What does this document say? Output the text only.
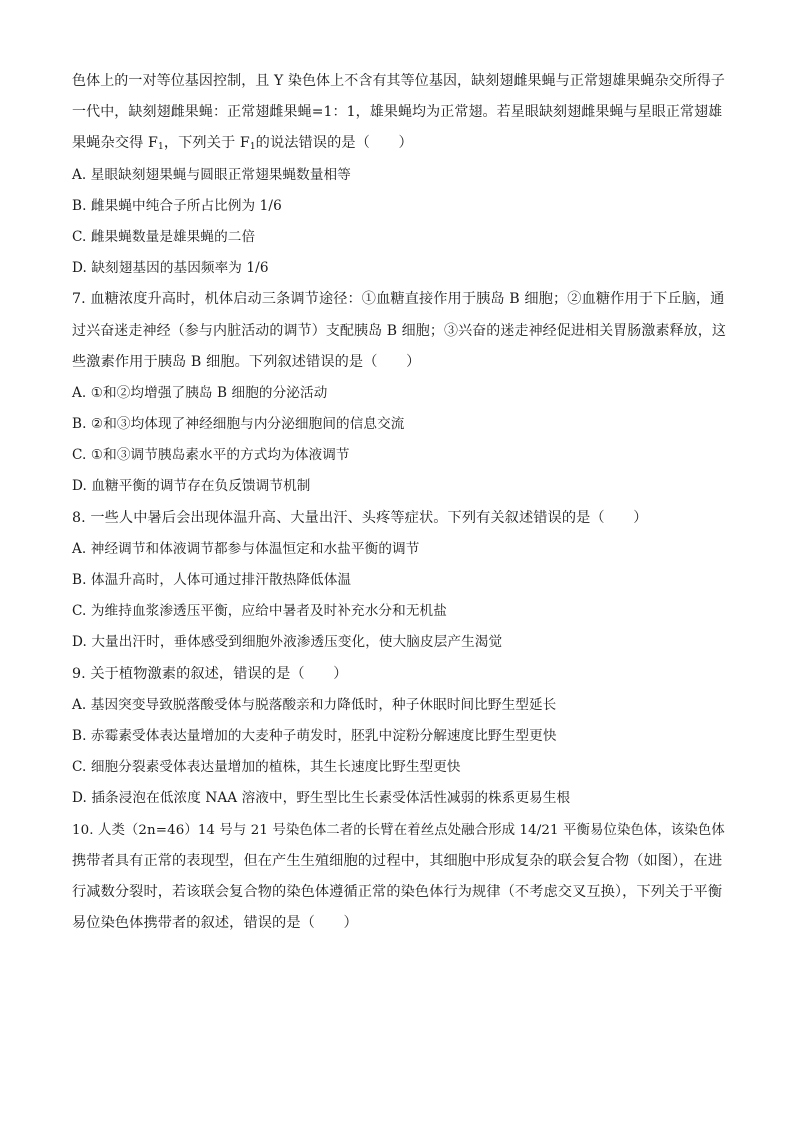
色体上的一对等位基因控制，且 Y 染色体上不含有其等位基因，缺刻翅雌果蝇与正常翅雄果蝇杂交所得子
一代中，缺刻翅雌果蝇：正常翅雌果蝇=1：1，雄果蝇均为正常翅。若星眼缺刻翅雌果蝇与星眼正常翅雄
果蝇杂交得 $F_1$，下列关于 $F_1$的说法错误的是（　　）
A. 星眼缺刻翅果蝇与圆眼正常翅果蝇数量相等
B. 雌果蝇中纯合子所占比例为 1/6
C. 雌果蝇数量是雄果蝇的二倍
D. 缺刻翅基因的基因频率为 1/6
7. 血糖浓度升高时，机体启动三条调节途径：①血糖直接作用于胰岛 B 细胞；②血糖作用于下丘脑，通
过兴奋迷走神经（参与内脏活动的调节）支配胰岛 B 细胞；③兴奋的迷走神经促进相关胃肠激素释放，这
些激素作用于胰岛 B 细胞。下列叙述错误的是（　　）
A. ①和②均增强了胰岛 B 细胞的分泌活动
B. ②和③均体现了神经细胞与内分泌细胞间的信息交流
C. ①和③调节胰岛素水平的方式均为体液调节
D. 血糖平衡的调节存在负反馈调节机制
8. 一些人中暑后会出现体温升高、大量出汗、头疼等症状。下列有关叙述错误的是（　　）
A. 神经调节和体液调节都参与体温恒定和水盐平衡的调节
B. 体温升高时，人体可通过排汗散热降低体温
C. 为维持血浆渗透压平衡，应给中暑者及时补充水分和无机盐
D. 大量出汗时，垂体感受到细胞外液渗透压变化，使大脑皮层产生渴觉
9. 关于植物激素的叙述，错误的是（　　）
A. 基因突变导致脱落酸受体与脱落酸亲和力降低时，种子休眠时间比野生型延长
B. 赤霉素受体表达量增加的大麦种子萌发时，胚乳中淀粉分解速度比野生型更快
C. 细胞分裂素受体表达量增加的植株，其生长速度比野生型更快
D. 插条浸泡在低浓度 NAA 溶液中，野生型比生长素受体活性减弱的株系更易生根
10. 人类（2n=46）14 号与 21 号染色体二者的长臂在着丝点处融合形成 14/21 平衡易位染色体，该染色体
携带者具有正常的表现型，但在产生生殖细胞的过程中，其细胞中形成复杂的联会复合物（如图），在进
行减数分裂时，若该联会复合物的染色体遵循正常的染色体行为规律（不考虑交叉互换），下列关于平衡
易位染色体携带者的叙述，错误的是（　　）
